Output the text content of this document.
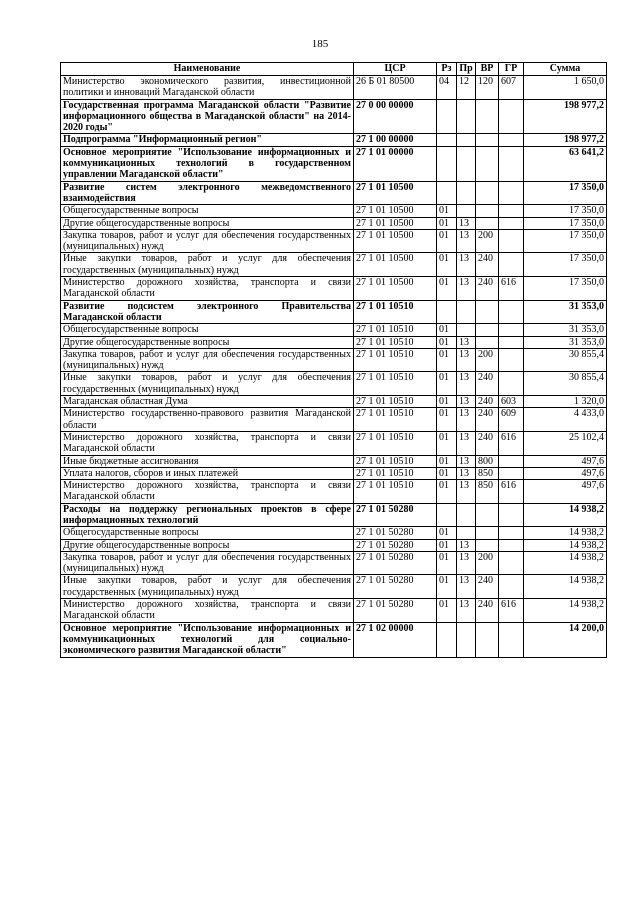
185
Наименование	ЦСР	Рз	Пр	ВР	ГР	Сумма
Министерство экономического развития, инвестиционной политики и инноваций Магаданской области	26 Б 01 80500	04	12	120	607	1 650,0
Государственная программа Магаданской области "Развитие информационного общества в Магаданской области" на 2014-2020 годы"	27 0 00 00000					198 977,2
Подпрограмма "Информационный регион"	27 1 00 00000					198 977,2
Основное мероприятие "Использование информационных и коммуникационных технологий в государственном управлении Магаданской области"	27 1 01 00000					63 641,2
Развитие систем электронного межведомственного взаимодействия	27 1 01 10500					17 350,0
Общегосударственные вопросы	27 1 01 10500	01				17 350,0
Другие общегосударственные вопросы	27 1 01 10500	01	13			17 350,0
Закупка товаров, работ и услуг для обеспечения государственных (муниципальных) нужд	27 1 01 10500	01	13	200		17 350,0
Иные закупки товаров, работ и услуг для обеспечения государственных (муниципальных) нужд	27 1 01 10500	01	13	240		17 350,0
Министерство дорожного хозяйства, транспорта и связи Магаданской области	27 1 01 10500	01	13	240	616	17 350,0
Развитие подсистем электронного Правительства Магаданской области	27 1 01 10510					31 353,0
Общегосударственные вопросы	27 1 01 10510	01				31 353,0
Другие общегосударственные вопросы	27 1 01 10510	01	13			31 353,0
Закупка товаров, работ и услуг для обеспечения государственных (муниципальных) нужд	27 1 01 10510	01	13	200		30 855,4
Иные закупки товаров, работ и услуг для обеспечения государственных (муниципальных) нужд	27 1 01 10510	01	13	240		30 855,4
Магаданская областная Дума	27 1 01 10510	01	13	240	603	1 320,0
Министерство государственно-правового развития Магаданской области	27 1 01 10510	01	13	240	609	4 433,0
Министерство дорожного хозяйства, транспорта и связи Магаданской области	27 1 01 10510	01	13	240	616	25 102,4
Иные бюджетные ассигнования	27 1 01 10510	01	13	800		497,6
Уплата налогов, сборов и иных платежей	27 1 01 10510	01	13	850		497,6
Министерство дорожного хозяйства, транспорта и связи Магаданской области	27 1 01 10510	01	13	850	616	497,6
Расходы на поддержку региональных проектов в сфере информационных технологий	27 1 01 50280					14 938,2
Общегосударственные вопросы	27 1 01 50280	01				14 938,2
Другие общегосударственные вопросы	27 1 01 50280	01	13			14 938,2
Закупка товаров, работ и услуг для обеспечения государственных (муниципальных) нужд	27 1 01 50280	01	13	200		14 938,2
Иные закупки товаров, работ и услуг для обеспечения государственных (муниципальных) нужд	27 1 01 50280	01	13	240		14 938,2
Министерство дорожного хозяйства, транспорта и связи Магаданской области	27 1 01 50280	01	13	240	616	14 938,2
Основное мероприятие "Использование информационных и коммуникационных технологий для социально-экономического развития Магаданской области"	27 1 02 00000					14 200,0
